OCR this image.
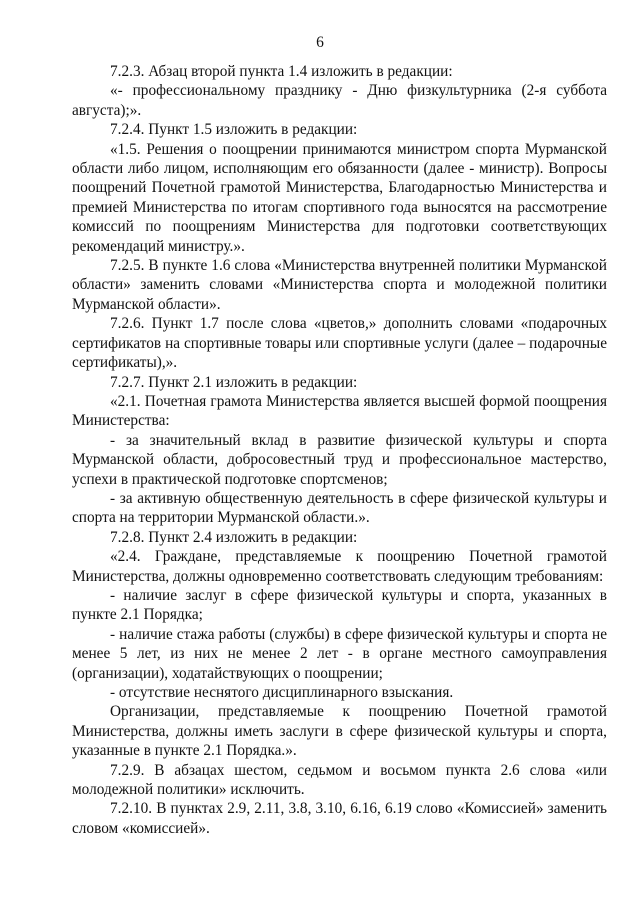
6

7.2.3. Абзац второй пункта 1.4 изложить в редакции:

«- профессиональному празднику - Дню физкультурника (2-я суббота августа);».

7.2.4. Пункт 1.5 изложить в редакции:

«1.5. Решения о поощрении принимаются министром спорта Мурманской области либо лицом, исполняющим его обязанности (далее - министр). Вопросы поощрений Почетной грамотой Министерства, Благодарностью Министерства и премией Министерства по итогам спортивного года выносятся на рассмотрение комиссий по поощрениям Министерства для подготовки соответствующих рекомендаций министру.».

7.2.5. В пункте 1.6 слова «Министерства внутренней политики Мурманской области» заменить словами «Министерства спорта и молодежной политики Мурманской области».

7.2.6. Пункт 1.7 после слова «цветов,» дополнить словами «подарочных сертификатов на спортивные товары или спортивные услуги (далее – подарочные сертификаты),».

7.2.7. Пункт 2.1 изложить в редакции:

«2.1. Почетная грамота Министерства является высшей формой поощрения Министерства:

- за значительный вклад в развитие физической культуры и спорта Мурманской области, добросовестный труд и профессиональное мастерство, успехи в практической подготовке спортсменов;

- за активную общественную деятельность в сфере физической культуры и спорта на территории Мурманской области.».

7.2.8. Пункт 2.4 изложить в редакции:

«2.4. Граждане, представляемые к поощрению Почетной грамотой Министерства, должны одновременно соответствовать следующим требованиям:

- наличие заслуг в сфере физической культуры и спорта, указанных в пункте 2.1 Порядка;

- наличие стажа работы (службы) в сфере физической культуры и спорта не менее 5 лет, из них не менее 2 лет - в органе местного самоуправления (организации), ходатайствующих о поощрении;

- отсутствие неснятого дисциплинарного взыскания.

Организации, представляемые к поощрению Почетной грамотой Министерства, должны иметь заслуги в сфере физической культуры и спорта, указанные в пункте 2.1 Порядка.».

7.2.9. В абзацах шестом, седьмом и восьмом пункта 2.6 слова «или молодежной политики» исключить.

7.2.10. В пунктах 2.9, 2.11, 3.8, 3.10, 6.16, 6.19 слово «Комиссией» заменить словом «комиссией».
